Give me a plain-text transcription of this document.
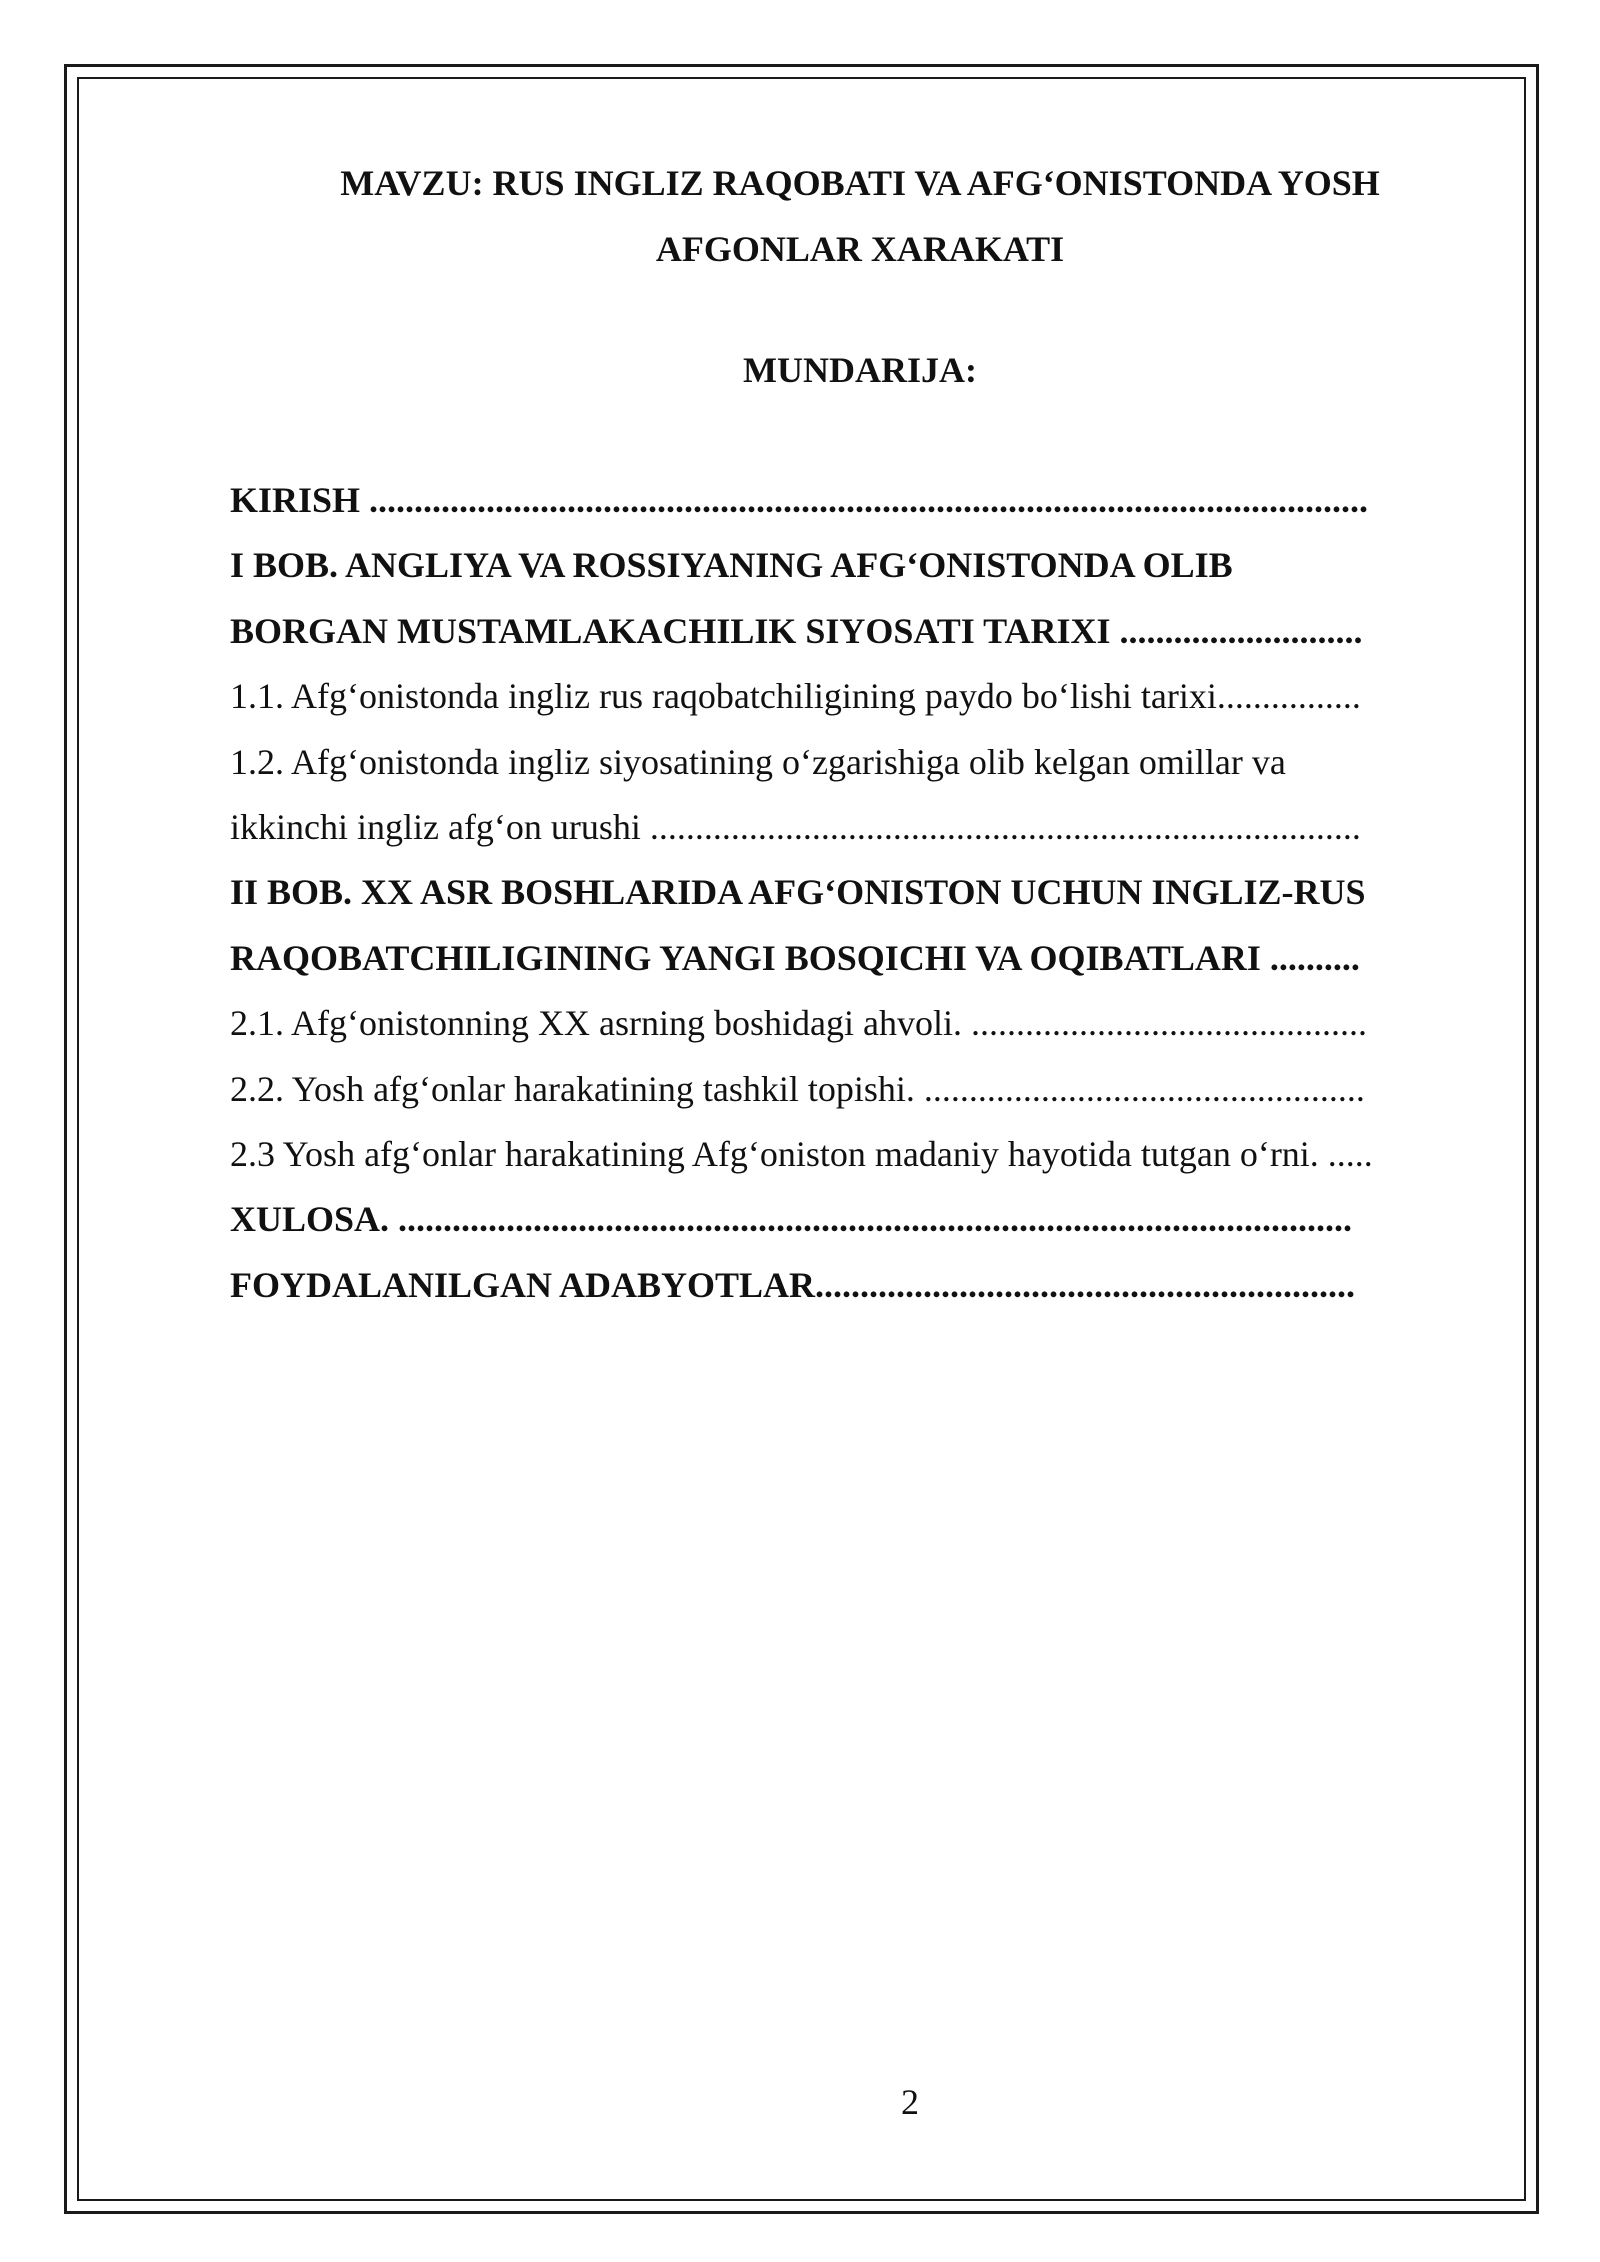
MAVZU: RUS INGLIZ RAQOBATI VA AFG‘ONISTONDA YOSH
AFGONLAR XARAKATI
MUNDARIJA:
KIRISH ...............................................................................................................
I BOB. ANGLIYA VA ROSSIYANING AFG‘ONISTONDA OLIB
BORGAN MUSTAMLAKACHILIK SIYOSATI TARIXI ...........................
1.1. Afg‘onistonda ingliz rus raqobatchiligining paydo bo‘lishi tarixi................
1.2. Afg‘onistonda ingliz siyosatining o‘zgarishiga olib kelgan omillar va
ikkinchi ingliz afg‘on urushi ...............................................................................
II BOB. XX ASR BOSHLARIDA AFG‘ONISTON UCHUN INGLIZ-RUS
RAQOBATCHILIGINING YANGI BOSQICHI VA OQIBATLARI ..........
2.1. Afg‘onistonning XX asrning boshidagi ahvoli. ............................................
2.2. Yosh afg‘onlar harakatining tashkil topishi. .................................................
2.3 Yosh afg‘onlar harakatining Afg‘oniston madaniy hayotida tutgan o‘rni. .....
XULOSA. ..........................................................................................................
FOYDALANILGAN ADABYOTLAR............................................................
2
